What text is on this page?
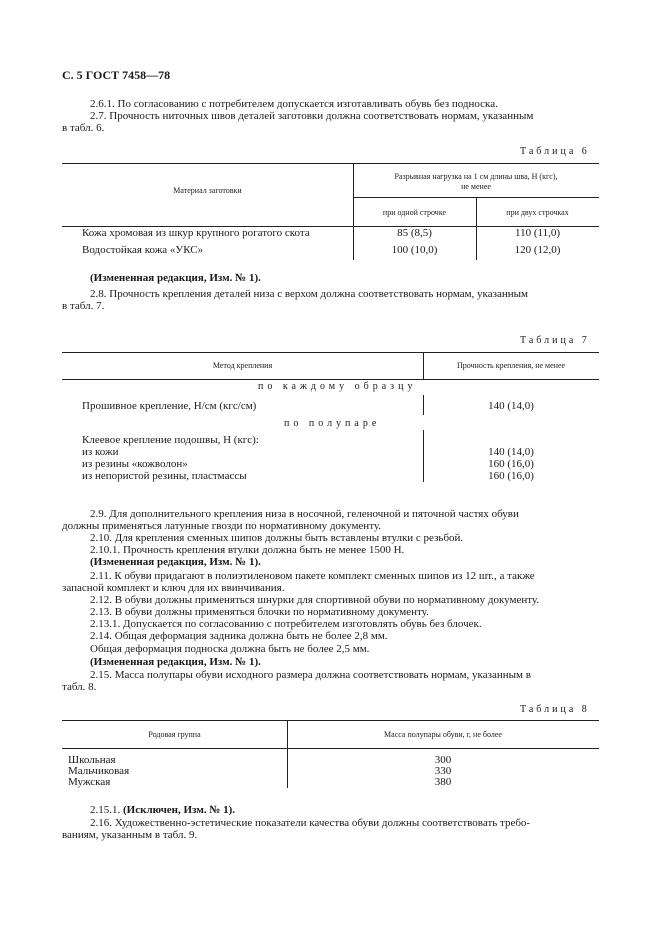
С. 5 ГОСТ 7458—78
2.6.1. По согласованию с потребителем допускается изготавливать обувь без подноска.
2.7. Прочность ниточных швов деталей заготовки должна соответствовать нормам, указанным
в табл. 6.
Таблица 6
Материал заготовки
Разрывная нагрузка на 1 см длины шва, Н (кгс),
не менее
при одной строчке	при двух строчках
Кожа хромовая из шкур крупного рогатого скота	85 (8,5)	110 (11,0)
Водостойкая кожа «УКС»	100 (10,0)	120 (12,0)
(Измененная редакция, Изм. № 1).
2.8. Прочность крепления деталей низа с верхом должна соответствовать нормам, указанным
в табл. 7.
Таблица 7
Метод крепления	Прочность крепления, не менее
по каждому образцу
Прошивное крепление, Н/см (кгс/см)	140 (14,0)
по полупаре
Клеевое крепление подошвы, Н (кгс):
из кожи	140 (14,0)
из резины «кожволон»	160 (16,0)
из непористой резины, пластмассы	160 (16,0)
2.9. Для дополнительного крепления низа в носочной, геленочной и пяточной частях обуви
должны применяться латунные гвозди по нормативному документу.
2.10. Для крепления сменных шипов должны быть вставлены втулки с резьбой.
2.10.1. Прочность крепления втулки должна быть не менее 1500 Н.
(Измененная редакция, Изм. № 1).
2.11. К обуви придагают в полиэтиленовом пакете комплект сменных шипов из 12 шт., а также
запасной комплект и ключ для их ввинчивания.
2.12. В обуви должны применяться шнурки для спортивной обуви по нормативному документу.
2.13. В обуви должны применяться блочки по нормативному документу.
2.13.1. Допускается по согласованию с потребителем изготовлять обувь без блочек.
2.14. Общая деформация задника должна быть не более 2,8 мм.
Общая деформация подноска должна быть не более 2,5 мм.
(Измененная редакция, Изм. № 1).
2.15. Масса полупары обуви исходного размера должна соответствовать нормам, указанным в
табл. 8.
Таблица 8
Родовая группа	Масса полупары обуви, г, не более
Школьная	300
Мальчиковая	330
Мужская	380
2.15.1. (Исключен, Изм. № 1).
2.16. Художественно-эстетические показатели качества обуви должны соответствовать требо-
ваниям, указанным в табл. 9.
